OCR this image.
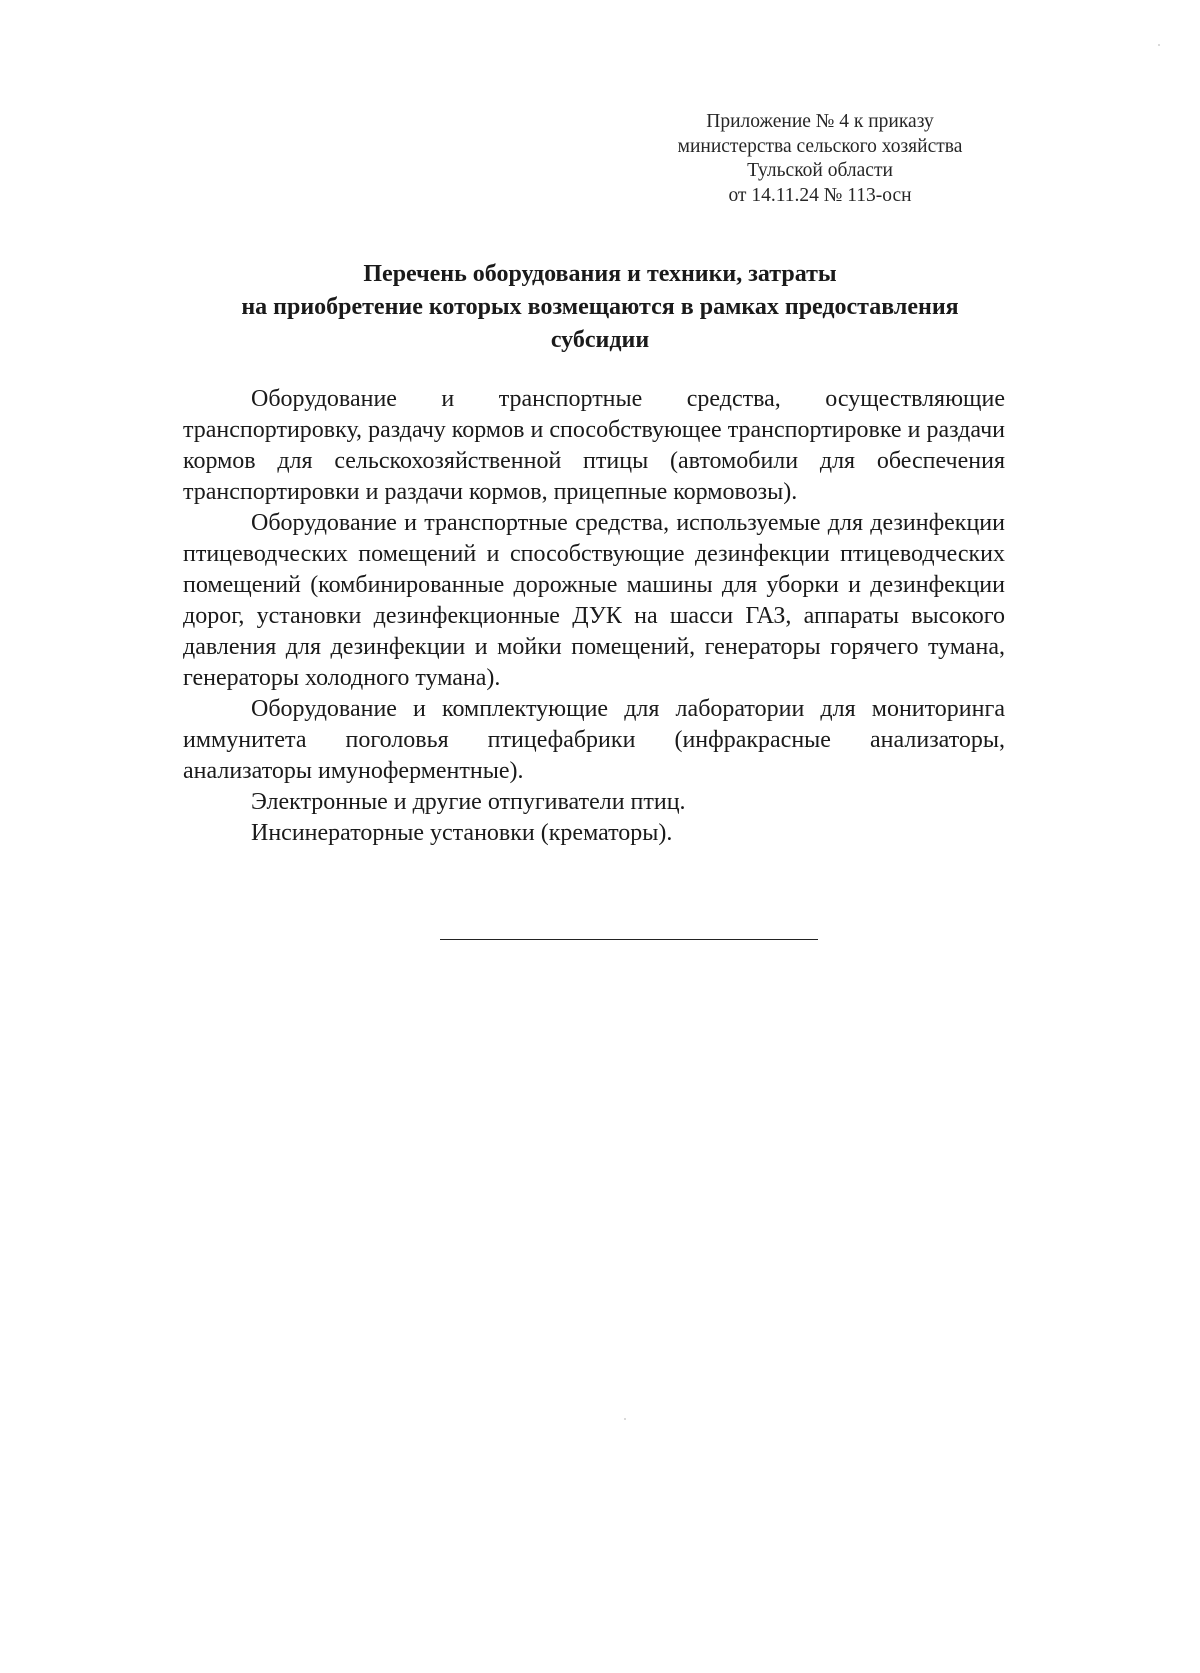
Приложение № 4 к приказу
министерства сельского хозяйства
Тульской области
от 14.11.24 № 113-осн
Перечень оборудования и техники, затраты
на приобретение которых возмещаются в рамках предоставления
субсидии

Оборудование и транспортные средства, осуществляющие транспортировку, раздачу кормов и способствующее транспортировке и раздачи кормов для сельскохозяйственной птицы (автомобили для обеспечения транспортировки и раздачи кормов, прицепные кормовозы).

Оборудование и транспортные средства, используемые для дезинфекции птицеводческих помещений и способствующие дезинфекции птицеводческих помещений (комбинированные дорожные машины для уборки и дезинфекции дорог, установки дезинфекционные ДУК на шасси ГАЗ, аппараты высокого давления для дезинфекции и мойки помещений, генераторы горячего тумана, генераторы холодного тумана).

Оборудование и комплектующие для лаборатории для мониторинга иммунитета поголовья птицефабрики (инфракрасные анализаторы, анализаторы имуноферментные).

Электронные и другие отпугиватели птиц.

Инсинераторные установки (крематоры).
